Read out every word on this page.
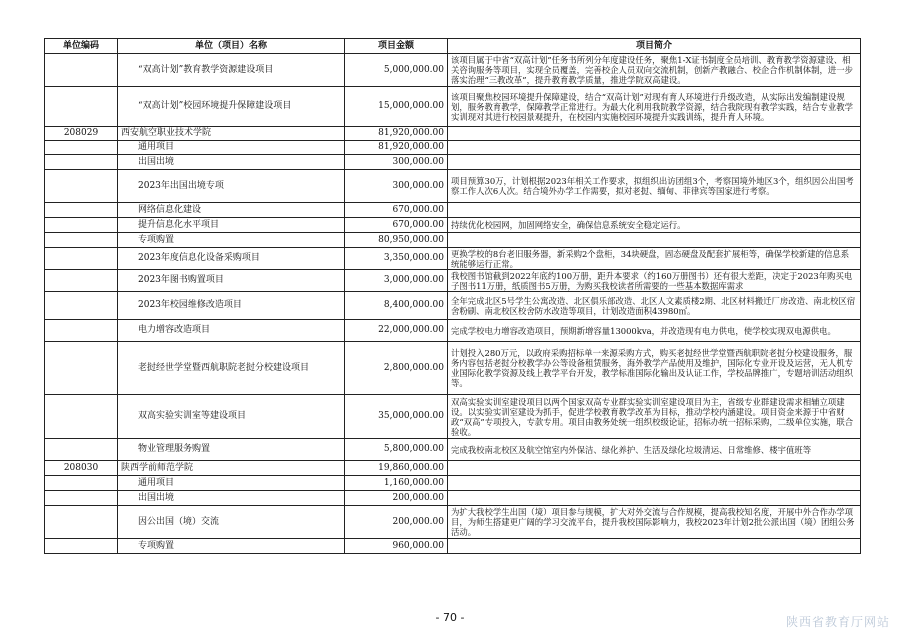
单位编码	单位（项目）名称	项目金额	项目简介
	“双高计划”教育教学资源建设项目	5,000,000.00	该项目属于中省“双高计划”任务书所列分年度建设任务，聚焦1-X证书制度全员培训、教育教学资源建设、相关咨询服务等项目，实现全员覆盖，完善校企人员双向交流机制，创新产教融合、校企合作机制体制，进一步落实治理“三教改革”，提升教育教学质量，推进学院双高建设。
	“双高计划”校园环境提升保障建设项目	15,000,000.00	该项目聚焦校园环境提升保障建设，结合“双高计划”对现有育人环境进行升级改造，从实际出发编制建设规划，服务教育教学，保障教学正常进行。为最大化利用我院教学资源，结合我院现有教学实践，结合专业教学实训现对其进行校园景观提升，在校园内实施校园环境提升实践训练，提升育人环境。
208029	西安航空职业技术学院	81,920,000.00	
	通用项目	81,920,000.00	
	出国出境	300,000.00	
	2023年出国出境专项	300,000.00	项目预算30万，计划根据2023年相关工作要求，拟组织出访团组3个，考察国境外地区3个，组织因公出国考察工作人次6人次。结合境外办学工作需要，拟对老挝、缅甸、菲律宾等国家进行考察。
	网络信息化建设	670,000.00	
	提升信息化水平项目	670,000.00	持续优化校园网，加固网络安全，确保信息系统安全稳定运行。
	专项购置	80,950,000.00	
	2023年度信息化设备采购项目	3,350,000.00	更换学校的8台老旧服务器，新采购2个盘柜，34块硬盘，固态硬盘及配套扩展柜等，确保学校新建的信息系统能够运行正常。
	2023年图书购置项目	3,000,000.00	我校图书馆截到2022年底约100万册，距升本要求（约160万册图书）还有很大差距，决定于2023年购买电子图书11万册，纸质图书5万册，为购买我校读者所需要的一些基本数据库需求
	2023年校园维修改造项目	8,400,000.00	全年完成北区5号学生公寓改造、北区俱乐部改造、北区人文素质楼2期、北区材料搬迁厂房改造、南北校区宿舍粉刷、南北校区校舍防水改造等项目，计划改造面积43980㎡。
	电力增容改造项目	22,000,000.00	完成学校电力增容改造项目，预期新增容量13000kva，并改造现有电力供电，使学校实现双电源供电。
	老挝经世学堂暨西航职院老挝分校建设项目	2,800,000.00	计划投入280万元，以政府采购招标单一来源采购方式，购买老挝经世学堂暨西航职院老挝分校建设服务，服务内容包括老挝分校教学办公等设备租赁服务，海外教学产品使用及维护，国际化专业开设及运营，无人机专业国际化教学资源及线上教学平台开发，教学标准国际化输出及认证工作，学校品牌推广，专题培训活动组织等。
	双高实验实训室等建设项目	35,000,000.00	双高实验实训室建设项目以两个国家双高专业群实验实训室建设项目为主，省级专业群建设需求相辅立项建设。以实验实训室建设为抓手，促进学校教育教学改革为目标，推动学校内涵建设。项目资金来源于中省财政“双高”专项投入，专款专用。项目由教务处统一组织校级论证，招标办统一招标采购，二级单位实施，联合验收。
	物业管理服务购置	5,800,000.00	完成我校南北校区及航空馆室内外保洁、绿化养护、生活及绿化垃圾清运、日常维修、楼宇值班等
208030	陕西学前师范学院	19,860,000.00	
	通用项目	1,160,000.00	
	出国出境	200,000.00	
	因公出国（境）交流	200,000.00	为扩大我校学生出国（境）项目参与规模，扩大对外交流与合作规模，提高我校知名度，开展中外合作办学项目，为师生搭建更广阔的学习交流平台，提升我校国际影响力，我校2023年计划2批公派出国（境）团组公务活动。
	专项购置	960,000.00	
- 70 -	陕西省教育厅网站
